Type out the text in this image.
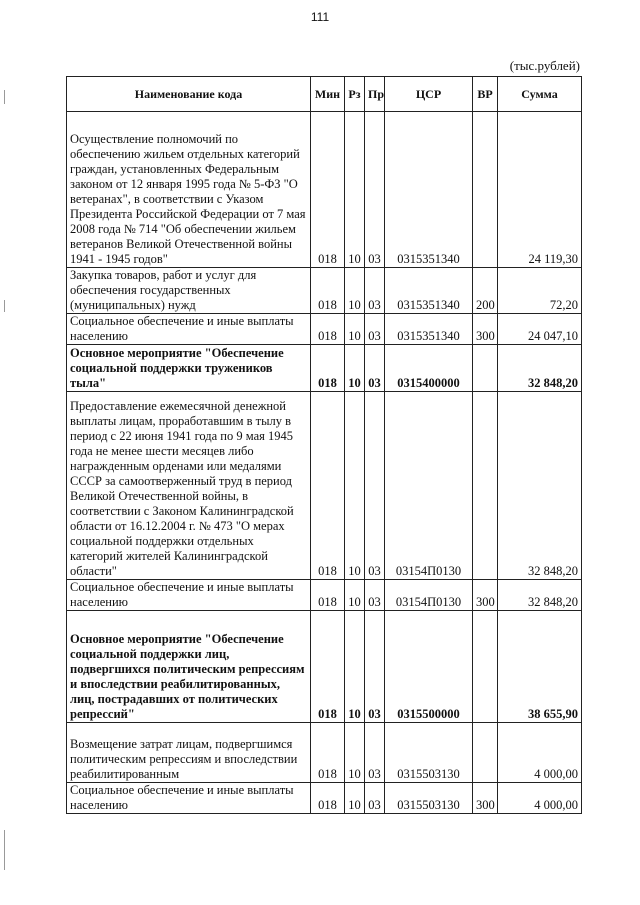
111
(тыс.рублей)
Наименование кода	Мин	Рз	Пр	ЦСР	ВР	Сумма
Осуществление полномочий по обеспечению жильем отдельных категорий граждан, установленных Федеральным законом от 12 января 1995 года № 5-ФЗ "О ветеранах", в соответствии с Указом Президента Российской Федерации от 7 мая 2008 года № 714 "Об обеспечении жильем ветеранов Великой Отечественной войны 1941 - 1945 годов"	018	10	03	0315351340		24 119,30
Закупка товаров, работ и услуг для обеспечения государственных (муниципальных) нужд	018	10	03	0315351340	200	72,20
Социальное обеспечение и иные выплаты населению	018	10	03	0315351340	300	24 047,10
Основное мероприятие "Обеспечение социальной поддержки тружеников тыла"	018	10	03	0315400000		32 848,20
Предоставление ежемесячной денежной выплаты лицам, проработавшим в тылу в период с 22 июня 1941 года по 9 мая 1945 года не менее шести месяцев либо награжденным орденами или медалями СССР за самоотверженный труд в период Великой Отечественной войны, в соответствии с Законом Калининградской области от 16.12.2004 г. № 473 "О мерах социальной поддержки отдельных категорий жителей Калининградской области"	018	10	03	03154П0130		32 848,20
Социальное обеспечение и иные выплаты населению	018	10	03	03154П0130	300	32 848,20
Основное мероприятие "Обеспечение социальной поддержки лиц, подвергшихся политическим репрессиям и впоследствии реабилитированных, лиц, пострадавших от политических репрессий"	018	10	03	0315500000		38 655,90
Возмещение затрат лицам, подвергшимся политическим репрессиям и впоследствии реабилитированным	018	10	03	0315503130		4 000,00
Социальное обеспечение и иные выплаты населению	018	10	03	0315503130	300	4 000,00
